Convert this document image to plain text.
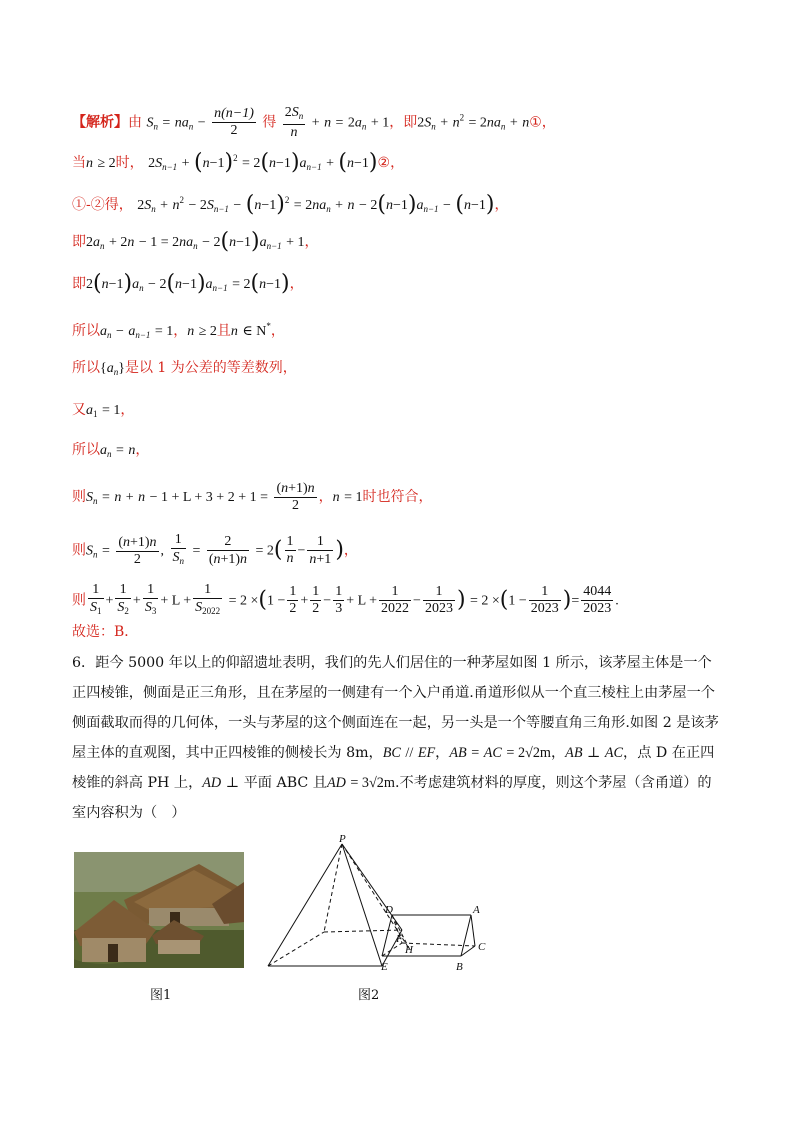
【解析】由 $S_n = na_n - \frac{n(n-1)}{2}$ 得 $\frac{2S_n}{n} + n = 2a_n + 1$，即$2S_n + n^2 = 2na_n$ + n①，
当n ≥ 2时， $2S_{n-1} + (n-1)^2 = 2(n-1)a_{n-1}$ + (n−1)②，
①-②得， $2S_n + n^2 - 2S_{n-1} - (n-1)^2 = 2na_n + n - 2(n-1)a_{n-1} - (n-1)$，
即$2a_n + 2n - 1 = 2na_n - 2(n-1)a_{n-1} + 1$，
即$2(n-1)a_n - 2(n-1)a_{n-1} = 2(n-1)$，
所以$a_n - a_{n-1} = 1$，n ≥ 2且n ∈ N*，
所以$\{a_n\}$是以 1 为公差的等差数列，
又$a_1 = 1$，
所以$a_n = n$，
则$S_n = n + n - 1 + L + 3 + 2 + 1 = \frac{(n+1)n}{2}$ ，n = 1时也符合，
则$S_n = \frac{(n+1)n}{2}$ , $\frac{1}{S_n} = \frac{2}{(n+1)n} = 2( \frac{1}{n} - \frac{1}{n+1}$ )，
则 $\frac{1}{S_1} + \frac{1}{S_2} + \frac{1}{S_3} + L + \frac{1}{S_{2022}} = 2 \times(1 - \frac{1}{2} + \frac{1}{2} - \frac{1}{3} + L + \frac{1}{2022} - \frac{1}{2023}$ ) = $2 \times(1 - \frac{1}{2023}$ )= $\frac{4044}{2023}$ .
故选：B．
6．距今 5000 年以上的仰韶遗址表明，我们的先人们居住的一种茅屋如图 1 所示，该茅屋主体是一个正四棱锥，侧面是正三角形，且在茅屋的一侧建有一个入户甬道.甬道形似从一个直三棱柱上由茅屋一个侧面截取而得的几何体，一头与茅屋的这个侧面连在一起，另一头是一个等腰直角三角形.如图 2 是该茅屋主体的直观图，其中正四棱锥的侧棱长为 8m，BC // EF，AB = AC = 2√2m，AB ⊥ AC，点 D 在正四棱锥的斜高 PH 上，AD ⊥ 平面 ABC 且AD = 3√2m.不考虑建筑材料的厚度，则这个茅屋（含甬道）的室内容积为（　）
P
D	A
F
H	C
E	B
图1	图2
